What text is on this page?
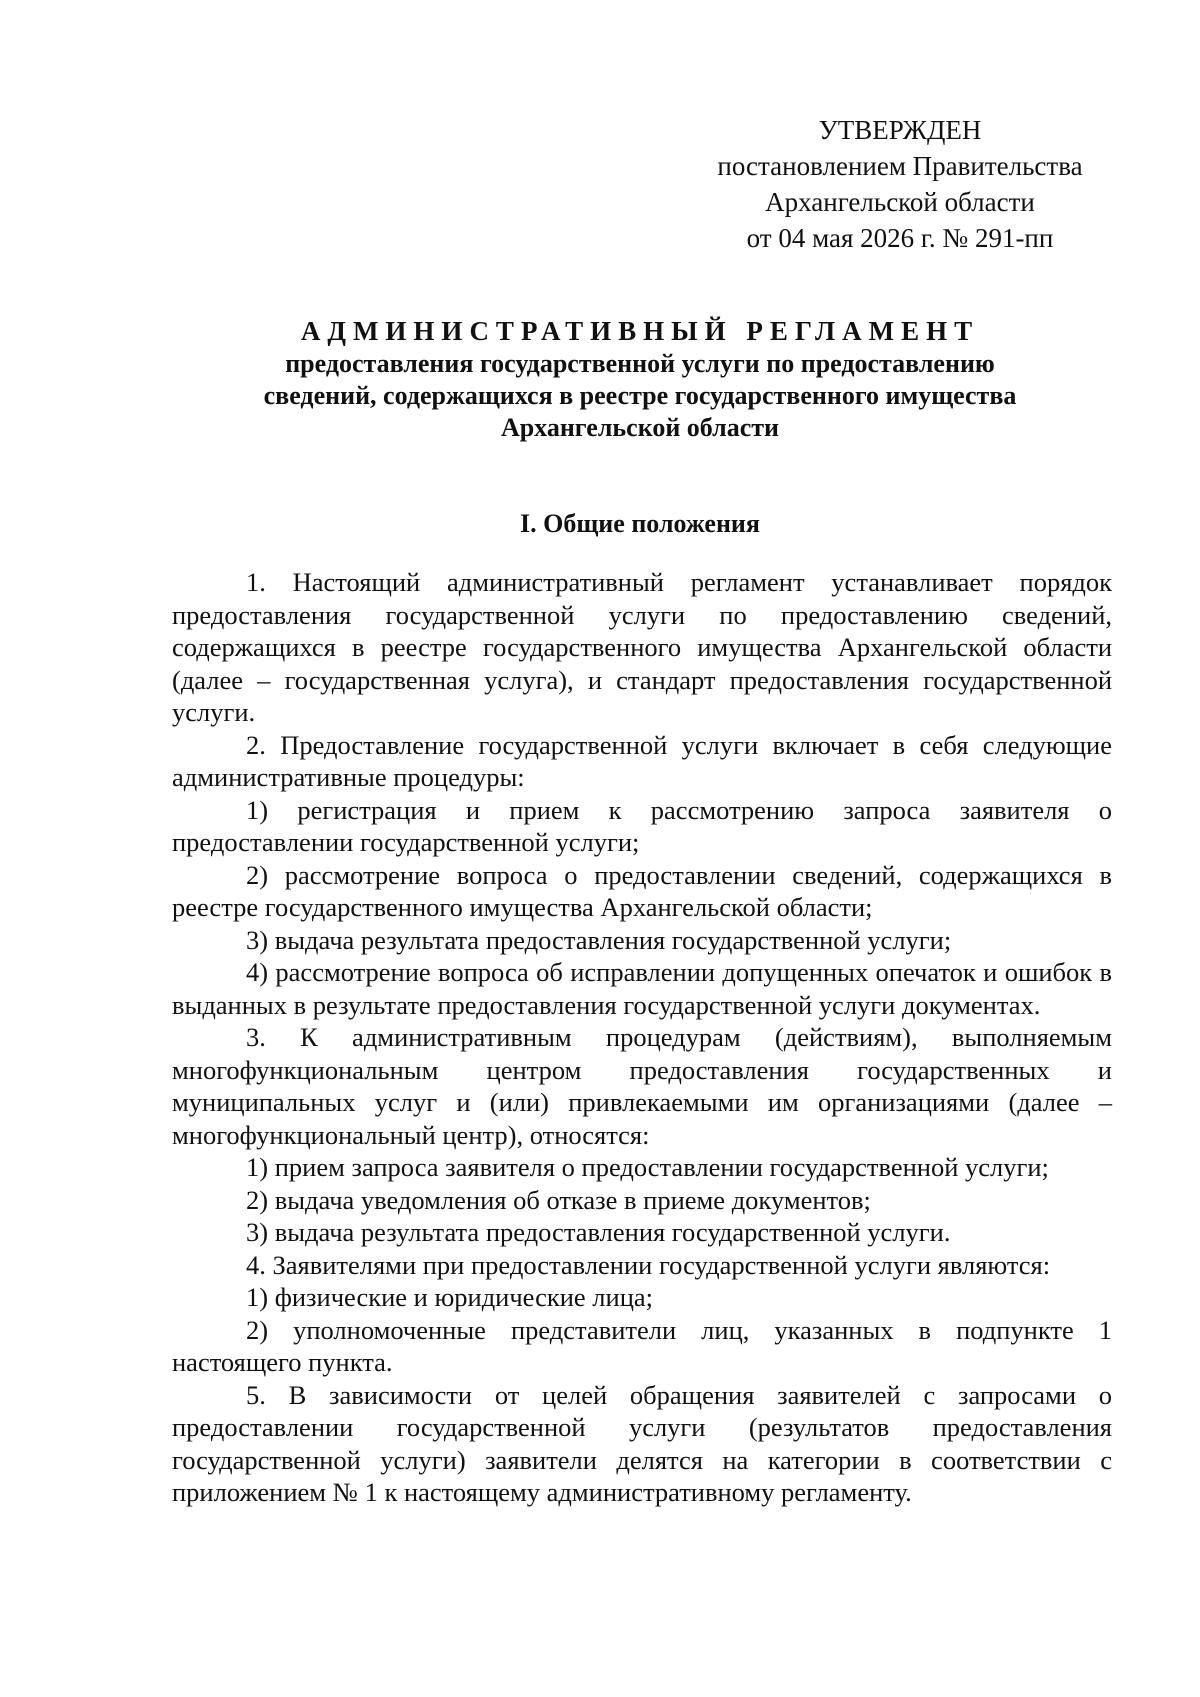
УТВЕРЖДЕН
постановлением Правительства
Архангельской области
от 04 мая 2026 г. № 291-пп
АДМИНИСТРАТИВНЫЙ РЕГЛАМЕНТ
предоставления государственной услуги по предоставлению
сведений, содержащихся в реестре государственного имущества
Архангельской области
I. Общие положения

1. Настоящий административный регламент устанавливает порядок предоставления государственной услуги по предоставлению сведений, содержащихся в реестре государственного имущества Архангельской области (далее – государственная услуга), и стандарт предоставления государственной услуги.

2. Предоставление государственной услуги включает в себя следующие административные процедуры:

1) регистрация и прием к рассмотрению запроса заявителя о предоставлении государственной услуги;

2) рассмотрение вопроса о предоставлении сведений, содержащихся в реестре государственного имущества Архангельской области;

3) выдача результата предоставления государственной услуги;

4) рассмотрение вопроса об исправлении допущенных опечаток и ошибок в выданных в результате предоставления государственной услуги документах.

3. К административным процедурам (действиям), выполняемым многофункциональным центром предоставления государственных и муниципальных услуг и (или) привлекаемыми им организациями (далее – многофункциональный центр), относятся:

1) прием запроса заявителя о предоставлении государственной услуги;

2) выдача уведомления об отказе в приеме документов;

3) выдача результата предоставления государственной услуги.

4. Заявителями при предоставлении государственной услуги являются:

1) физические и юридические лица;

2) уполномоченные представители лиц, указанных в подпункте 1 настоящего пункта.

5. В зависимости от целей обращения заявителей с запросами о предоставлении государственной услуги (результатов предоставления государственной услуги) заявители делятся на категории в соответствии с приложением № 1 к настоящему административному регламенту.
